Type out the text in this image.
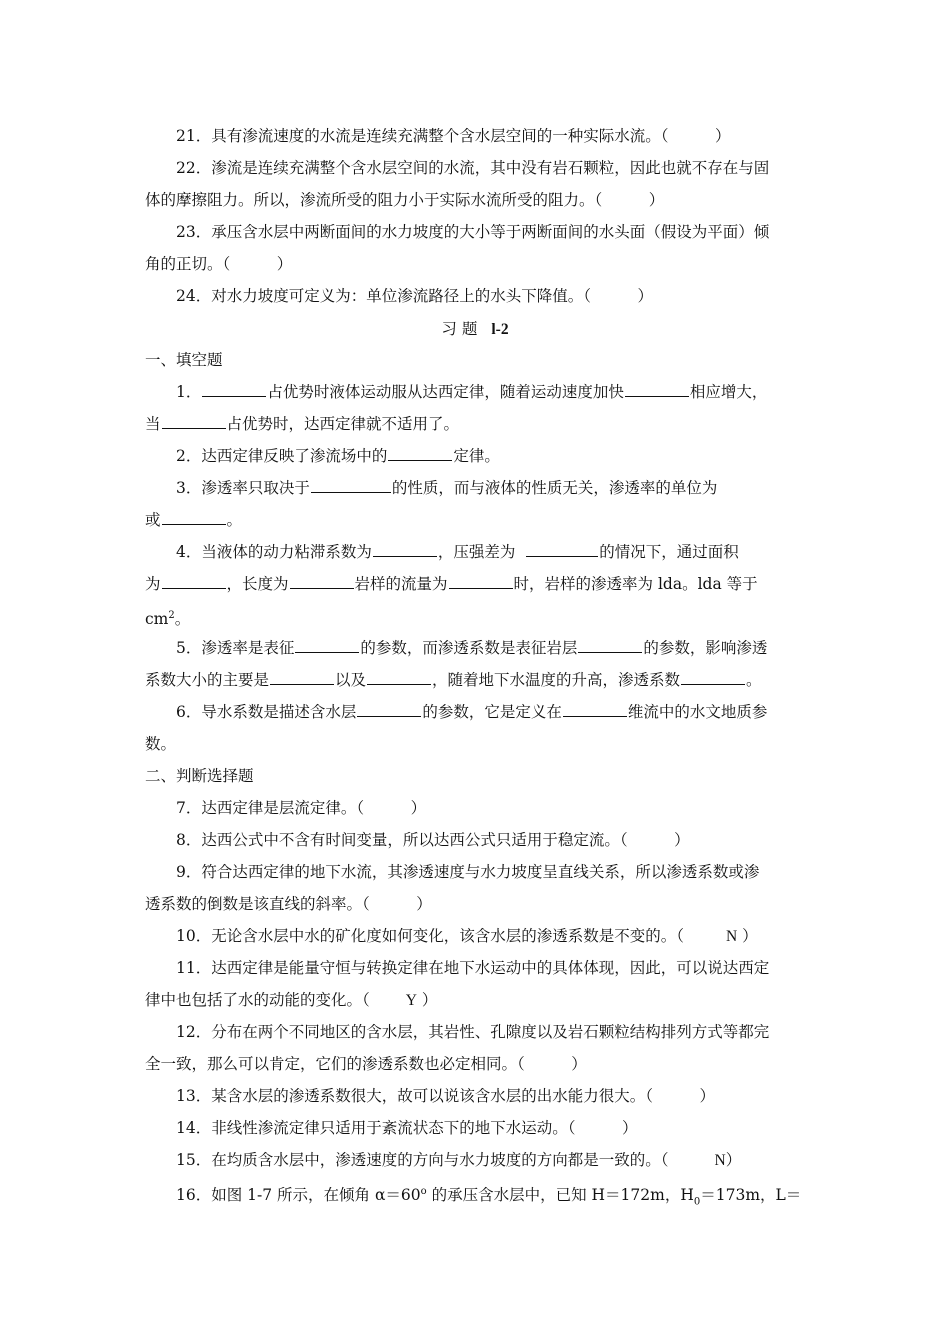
21．具有渗流速度的水流是连续充满整个含水层空间的一种实际水流。（　　　）
22．渗流是连续充满整个含水层空间的水流，其中没有岩石颗粒，因此也就不存在与固
体的摩擦阻力。所以，渗流所受的阻力小于实际水流所受的阻力。（　　　）
23．承压含水层中两断面间的水力坡度的大小等于两断面间的水头面（假设为平面）倾
角的正切。（　　　）
24．对水力坡度可定义为：单位渗流路径上的水头下降值。（　　　）
习 题 l-2
一、填空题
1．	占优势时液体运动服从达西定律，随着运动速度加快	相应增大，
当	占优势时，达西定律就不适用了。
2．达西定律反映了渗流场中的	定律。
3．渗透率只取决于	的性质，而与液体的性质无关，渗透率的单位为
或	。
4．当液体的动力粘滞系数为	，压强差为	的情况下，通过面积
为	，长度为	岩样的流量为	时，岩样的渗透率为 lda。lda 等于
$cm^2$。
5．渗透率是表征	的参数，而渗透系数是表征岩层	的参数，影响渗透
系数大小的主要是	以及	，随着地下水温度的升高，渗透系数	。
6．导水系数是描述含水层	的参数，它是定义在	维流中的水文地质参
数。
二、判断选择题
7．达西定律是层流定律。（　　　）
8．达西公式中不含有时间变量，所以达西公式只适用于稳定流。（　　　）
9．符合达西定律的地下水流，其渗透速度与水力坡度呈直线关系，所以渗透系数或渗
透系数的倒数是该直线的斜率。（　　　）
10．无论含水层中水的矿化度如何变化，该含水层的渗透系数是不变的。（	N ）
11．达西定律是能量守恒与转换定律在地下水运动中的具体体现，因此，可以说达西定
律中也包括了水的动能的变化。（ Y ）
12．分布在两个不同地区的含水层，其岩性、孔隙度以及岩石颗粒结构排列方式等都完
全一致，那么可以肯定，它们的渗透系数也必定相同。（　　　）
13．某含水层的渗透系数很大，故可以说该含水层的出水能力很大。（　　　）
14．非线性渗流定律只适用于紊流状态下的地下水运动。（　　　）
15．在均质含水层中，渗透速度的方向与水力坡度的方向都是一致的。（	N）
16．如图 1-7 所示，在倾角 $\alpha=60^o$ 的承压含水层中，已知 H＝172m，$H_0=173m$，L＝
